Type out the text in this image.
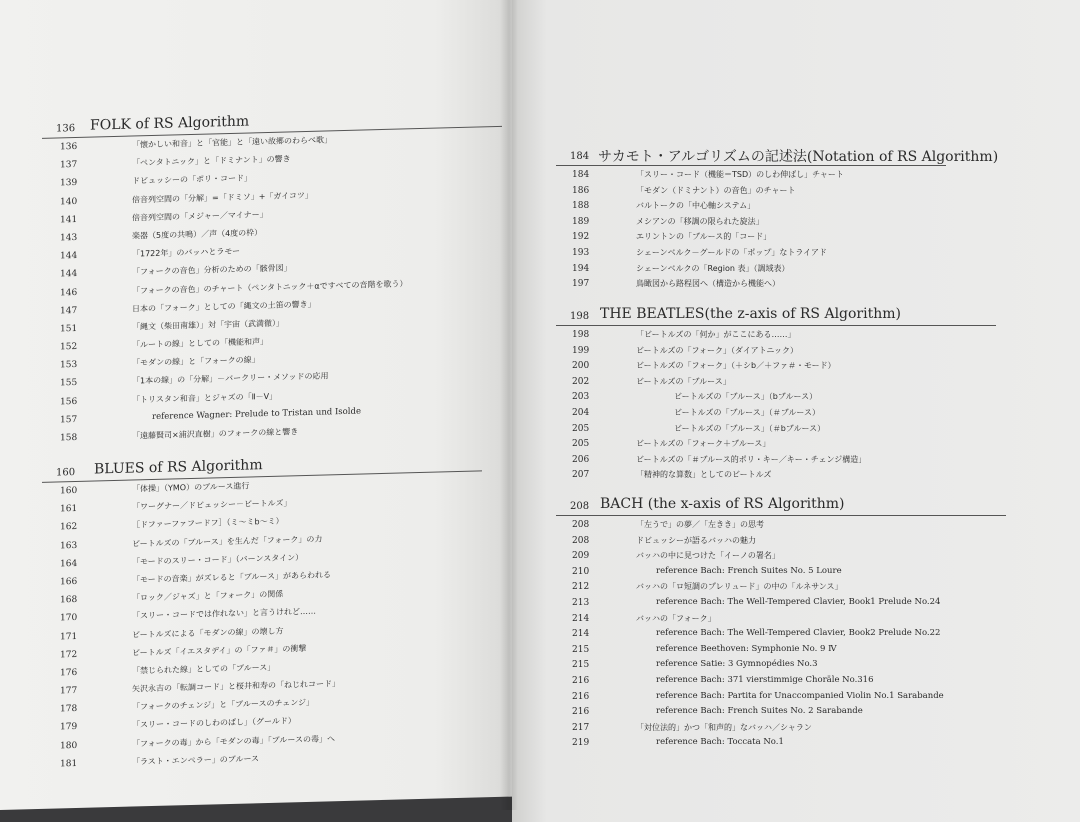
136 FOLK of RS Algorithm
136	「懐かしい和音」と「官能」と「遠い故郷のわらべ歌」
137	「ペンタトニック」と「ドミナント」の響き
139	ドビュッシーの「ポリ・コード」
140	倍音列空間の「分解」=「ドミソ」+「ガイコツ」
141	倍音列空間の「メジャー／マイナー」
143	楽器（5度の共鳴）／声（4度の枠）
144	「1722年」のバッハとラモー
144	「フォークの音色」分析のための「骸骨図」
146	「フォークの音色」のチャート（ペンタトニック＋αですべての音階を歌う）
147	日本の「フォーク」としての「縄文の土笛の響き」
151	「縄文（柴田南雄）」対「宇宙（武満徹）」
152	「ルートの線」としての「機能和声」
153	「モダンの線」と「フォークの線」
155	「1本の線」の「分解」－バークリー・メソッドの応用
156	「トリスタン和音」とジャズの「Ⅱ－Ⅴ」
157	reference Wagner: Prelude to Tristan und Isolde
158	「遠藤賢司×浦沢直樹」のフォークの線と響き
160 BLUES of RS Algorithm
160	「体操」（YMO）のブルース進行
161	「ワーグナー／ドビュッシー－ビートルズ」
162	［ドファーファフードフ］（ミ～ミb～ミ）
163	ビートルズの「ブルース」を生んだ「フォーク」の力
164	「モードのスリー・コード」（バーンスタイン）
166	「モードの音楽」がズレると「ブルース」があらわれる
168	「ロック／ジャズ」と「フォーク」の関係
170	「スリー・コードでは作れない」と言うけれど……
171	ビートルズによる「モダンの線」の壊し方
172	ビートルズ「イエスタデイ」の「ファ＃」の衝撃
176	「禁じられた線」としての「ブルース」
177	矢沢永吉の「転調コード」と桜井和寿の「ねじれコード」
178	「フォークのチェンジ」と「ブルースのチェンジ」
179	「スリー・コードのしわのばし」（グールド）
180	「フォークの毒」から「モダンの毒」「ブルースの毒」へ
181	「ラスト・エンペラー」のブルース
184 サカモト・アルゴリズムの記述法(Notation of RS Algorithm)
184	「スリー・コード（機能＝TSD）のしわ伸ばし」チャート
186	「モダン（ドミナント）の音色」のチャート
188	バルトークの「中心軸システム」
189	メシアンの「移調の限られた旋法」
192	エリントンの「ブルース的「コード」
193	シェーンベルク－グールドの「ポップ」なトライアド
194	シェーンベルクの「Region 表」（調域表）
197	鳥瞰図から路程図へ（構造から機能へ）
198 THE BEATLES(the z-axis of RS Algorithm)
198	「ビートルズの「何か」がここにある……」
199	ビートルズの「フォーク」（ダイアトニック）
200	ビートルズの「フォーク」（＋シb／＋ファ＃・モード）
202	ビートルズの「ブルース」
203	ビートルズの「ブルース」（bブルース）
204	ビートルズの「ブルース」（＃ブルース）
205	ビートルズの「ブルース」（＃bブルース）
205	ビートルズの「フォーク＋ブルース」
206	ビートルズの「＃ブルース的ポリ・キー／キー・チェンジ構造」
207	「精神的な算数」としてのビートルズ
208 BACH (the x-axis of RS Algorithm)
208	「左うで」の夢／「左きき」の思考
208	ドビュッシーが語るバッハの魅力
209	バッハの中に見つけた「イーノの署名」
210	reference Bach: French Suites No. 5 Loure
212	バッハの「ロ短調のプレリュード」の中の「ルネサンス」
213	reference Bach: The Well-Tempered Clavier, Book1 Prelude No.24
214	バッハの「フォーク」
214	reference Bach: The Well-Tempered Clavier, Book2 Prelude No.22
215	reference Beethoven: Symphonie No. 9 Ⅳ
215	reference Satie: 3 Gymnopédies No.3
216	reference Bach: 371 vierstimmige Choräle No.316
216	reference Bach: Partita for Unaccompanied Violin No.1 Sarabande
216	reference Bach: French Suites No. 2 Sarabande
217	「対位法的」かつ「和声的」なバッハ／シャラン
219	reference Bach: Toccata No.1
